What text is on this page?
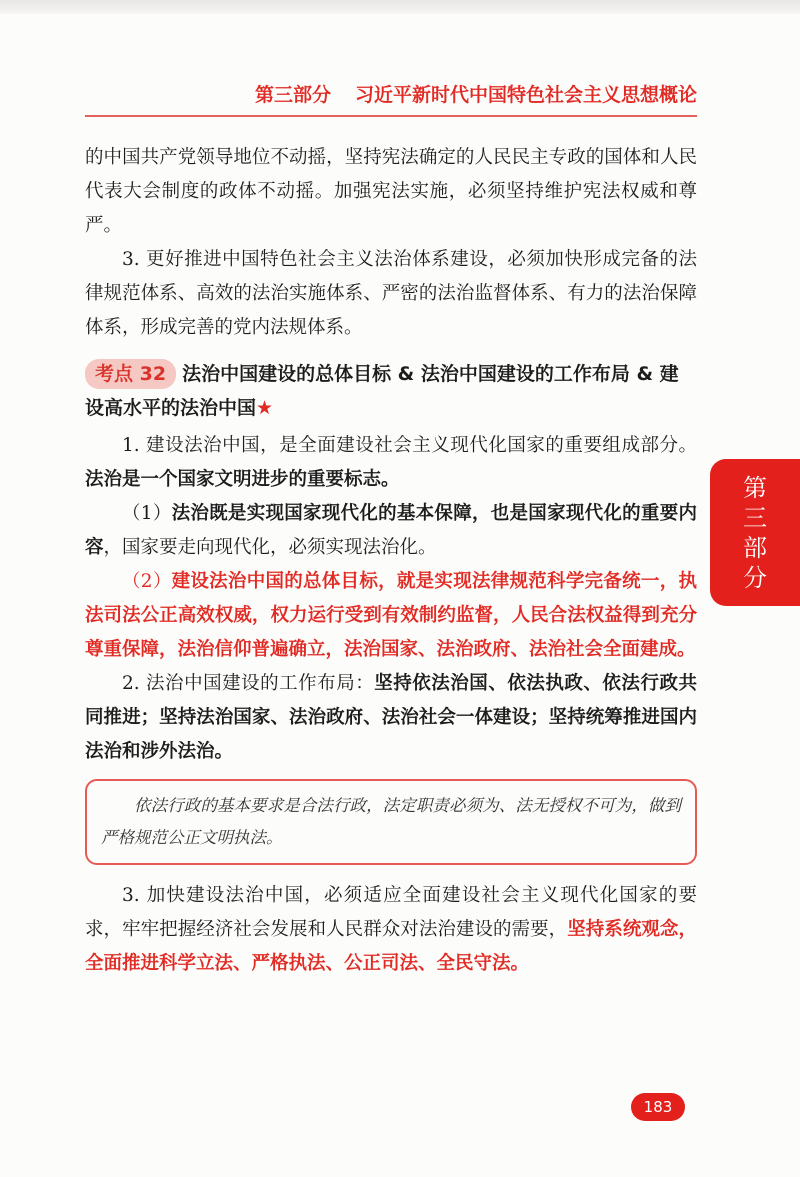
第三部分 习近平新时代中国特色社会主义思想概论

的中国共产党领导地位不动摇，坚持宪法确定的人民民主专政的国体和人民代表大会制度的政体不动摇。加强宪法实施，必须坚持维护宪法权威和尊严。

3. 更好推进中国特色社会主义法治体系建设，必须加快形成完备的法律规范体系、高效的法治实施体系、严密的法治监督体系、有力的法治保障体系，形成完善的党内法规体系。

考点 32 法治中国建设的总体目标 & 法治中国建设的工作布局 & 建设高水平的法治中国★

1. 建设法治中国，是全面建设社会主义现代化国家的重要组成部分。法治是一个国家文明进步的重要标志。

（1）法治既是实现国家现代化的基本保障，也是国家现代化的重要内容，国家要走向现代化，必须实现法治化。

（2）建设法治中国的总体目标，就是实现法律规范科学完备统一，执法司法公正高效权威，权力运行受到有效制约监督，人民合法权益得到充分尊重保障，法治信仰普遍确立，法治国家、法治政府、法治社会全面建成。

2. 法治中国建设的工作布局：坚持依法治国、依法执政、依法行政共同推进；坚持法治国家、法治政府、法治社会一体建设；坚持统筹推进国内法治和涉外法治。

依法行政的基本要求是合法行政，法定职责必须为、法无授权不可为，做到严格规范公正文明执法。

3. 加快建设法治中国，必须适应全面建设社会主义现代化国家的要求，牢牢把握经济社会发展和人民群众对法治建设的需要，坚持系统观念，全面推进科学立法、严格执法、公正司法、全民守法。

第三部分
183
